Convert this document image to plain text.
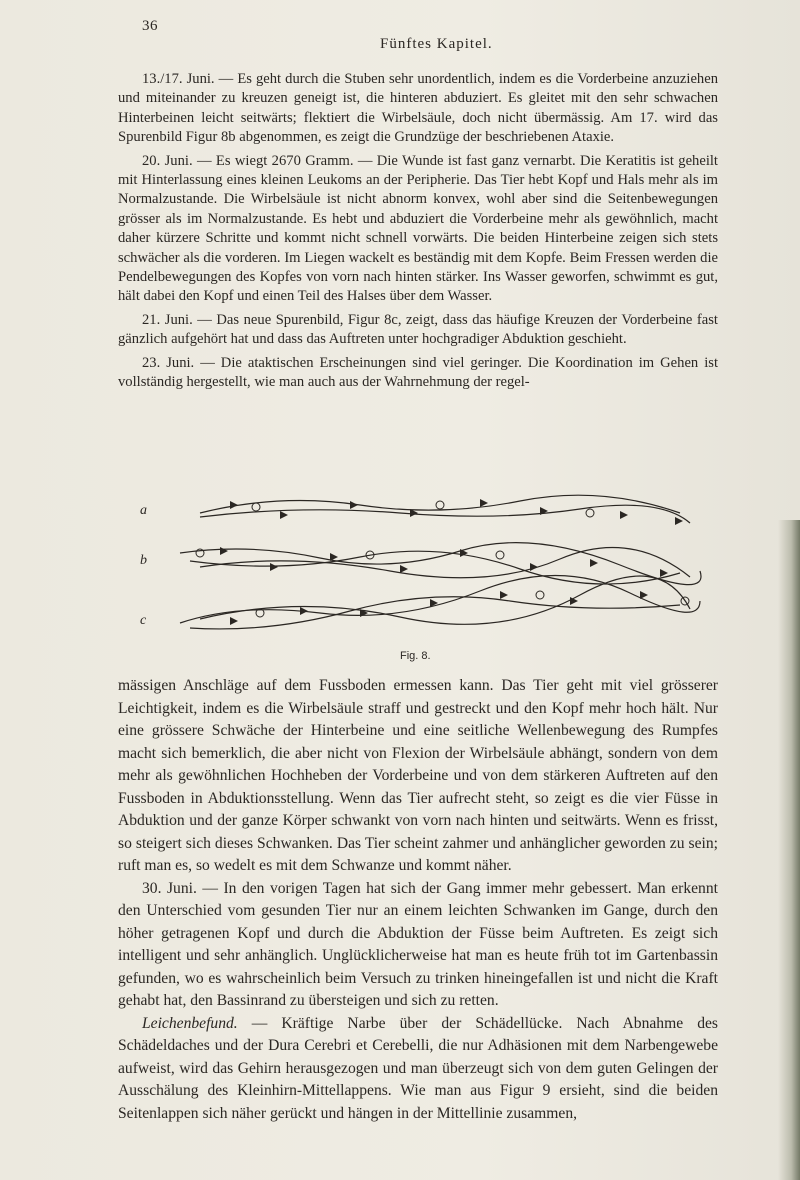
36
Fünftes Kapitel.

13./17. Juni. — Es geht durch die Stuben sehr unordentlich, indem es die Vorderbeine anzuziehen und miteinander zu kreuzen geneigt ist, die hinteren abduziert. Es gleitet mit den sehr schwachen Hinterbeinen leicht seitwärts; flektiert die Wirbelsäule, doch nicht übermässig. Am 17. wird das Spurenbild Figur 8b abgenommen, es zeigt die Grundzüge der beschriebenen Ataxie.

20. Juni. — Es wiegt 2670 Gramm. — Die Wunde ist fast ganz vernarbt. Die Keratitis ist geheilt mit Hinterlassung eines kleinen Leukoms an der Peripherie. Das Tier hebt Kopf und Hals mehr als im Normalzustande. Die Wirbelsäule ist nicht abnorm konvex, wohl aber sind die Seitenbewegungen grösser als im Normalzustande. Es hebt und abduziert die Vorderbeine mehr als gewöhnlich, macht daher kürzere Schritte und kommt nicht schnell vorwärts. Die beiden Hinterbeine zeigen sich stets schwächer als die vorderen. Im Liegen wackelt es beständig mit dem Kopfe. Beim Fressen werden die Pendelbewegungen des Kopfes von vorn nach hinten stärker. Ins Wasser geworfen, schwimmt es gut, hält dabei den Kopf und einen Teil des Halses über dem Wasser.

21. Juni. — Das neue Spurenbild, Figur 8c, zeigt, dass das häufige Kreuzen der Vorderbeine fast gänzlich aufgehört hat und dass das Auftreten unter hochgradiger Abduktion geschieht.

23. Juni. — Die ataktischen Erscheinungen sind viel geringer. Die Koordination im Gehen ist vollständig hergestellt, wie man auch aus der Wahrnehmung der regel-

a
b
c
Fig. 8.

mässigen Anschläge auf dem Fussboden ermessen kann. Das Tier geht mit viel grösserer Leichtigkeit, indem es die Wirbelsäule straff und gestreckt und den Kopf mehr hoch hält. Nur eine grössere Schwäche der Hinterbeine und eine seitliche Wellenbewegung des Rumpfes macht sich bemerklich, die aber nicht von Flexion der Wirbelsäule abhängt, sondern von dem mehr als gewöhnlichen Hochheben der Vorderbeine und von dem stärkeren Auftreten auf den Fussboden in Abduktionsstellung. Wenn das Tier aufrecht steht, so zeigt es die vier Füsse in Abduktion und der ganze Körper schwankt von vorn nach hinten und seitwärts. Wenn es frisst, so steigert sich dieses Schwanken. Das Tier scheint zahmer und anhänglicher geworden zu sein; ruft man es, so wedelt es mit dem Schwanze und kommt näher.

30. Juni. — In den vorigen Tagen hat sich der Gang immer mehr gebessert. Man erkennt den Unterschied vom gesunden Tier nur an einem leichten Schwanken im Gange, durch den höher getragenen Kopf und durch die Abduktion der Füsse beim Auftreten. Es zeigt sich intelligent und sehr anhänglich. Unglücklicherweise hat man es heute früh tot im Gartenbassin gefunden, wo es wahrscheinlich beim Versuch zu trinken hineingefallen ist und nicht die Kraft gehabt hat, den Bassinrand zu übersteigen und sich zu retten.

Leichenbefund. — Kräftige Narbe über der Schädellücke. Nach Abnahme des Schädeldaches und der Dura Cerebri et Cerebelli, die nur Adhäsionen mit dem Narbengewebe aufweist, wird das Gehirn herausgezogen und man überzeugt sich von dem guten Gelingen der Ausschälung des Kleinhirn-Mittellappens. Wie man aus Figur 9 ersieht, sind die beiden Seitenlappen sich näher gerückt und hängen in der Mittellinie zusammen,
